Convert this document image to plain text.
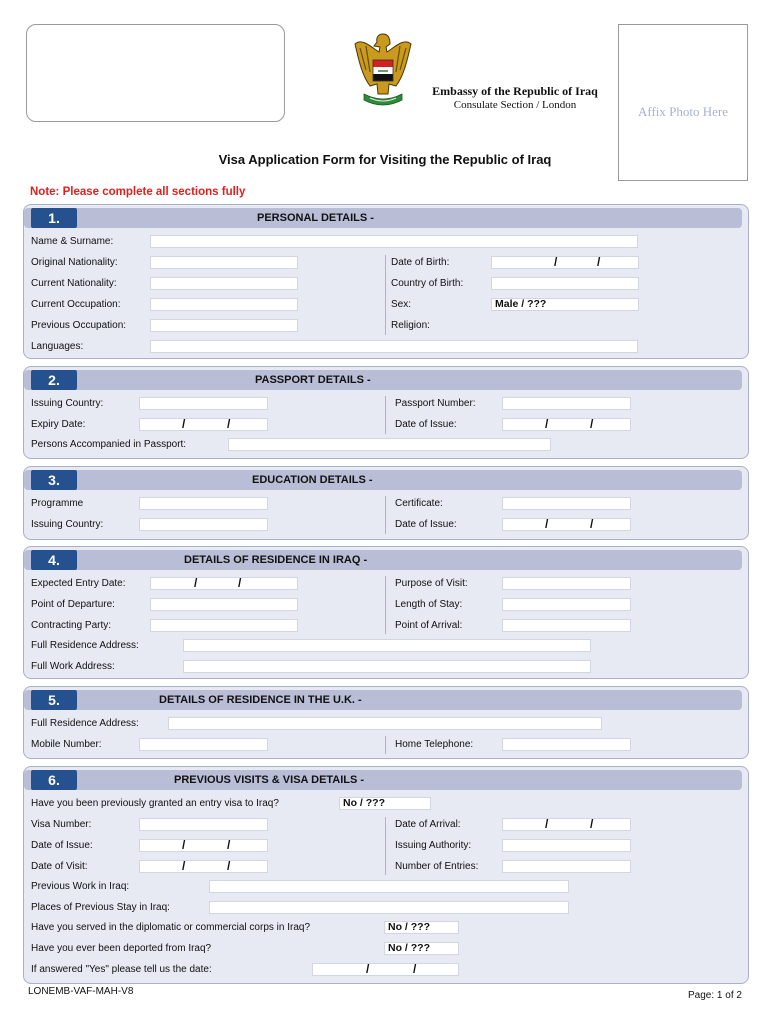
Embassy of the Republic of Iraq
Consulate Section / London	Affix Photo Here
Visa Application Form for Visiting the Republic of Iraq
Note: Please complete all sections fully
1.	PERSONAL DETAILS -
Name & Surname:
Original Nationality:
Current Nationality:
Current Occupation:
Previous Occupation:
Date of Birth:	/	/
Country of Birth:
Sex:	Male / ???
Religion:
Languages:
2.	PASSPORT DETAILS -
Issuing Country:
Expiry Date:	/	/
Passport Number:
Date of Issue:	/	/
Persons Accompanied in Passport:
3.	EDUCATION DETAILS -
Programme
Issuing Country:
Certificate:
Date of Issue:	/	/
4.	DETAILS OF RESIDENCE IN IRAQ -
Expected Entry Date:	/	/
Point of Departure:
Contracting Party:
Purpose of Visit:
Length of Stay:
Point of Arrival:
Full Residence Address:
Full Work Address:
5.	DETAILS OF RESIDENCE IN THE U.K. -
Full Residence Address:
Mobile Number:	Home Telephone:
6.	PREVIOUS VISITS & VISA DETAILS -
Have you been previously granted an entry visa to Iraq?	No / ???
Visa Number:
Date of Issue:	/	/
Date of Visit:	/	/
Date of Arrival:	/	/
Issuing Authority:
Number of Entries:
Previous Work in Iraq:
Places of Previous Stay in Iraq:
Have you served in the diplomatic or commercial corps in Iraq?	No / ???
Have you ever been deported from Iraq?	No / ???
If answered "Yes" please tell us the date:	/	/
LONEMB-VAF-MAH-V8	Page: 1 of 2
